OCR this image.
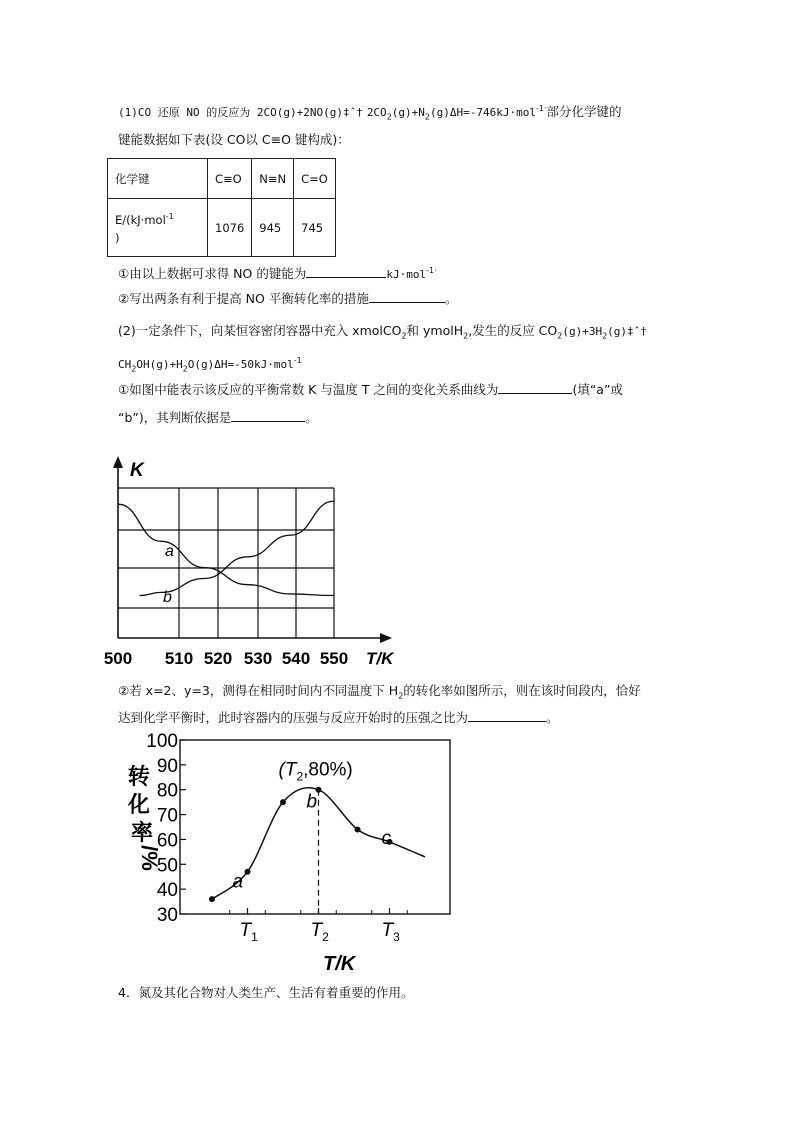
(1)CO 还原 NO 的反应为 2CO(g)+2NO(g)‡ˆ† $2CO_2(g)+N_2(g)\Delta H=-746kJ\cdot mol^{-1\cdot}$部分化学键的
键能数据如下表(设 CO以 C≡O 键构成)：
化学键	C≡O	N≡N	C=O
E/(kJ·mol$^{-1}$
)	1076	945	745
①由以上数据可求得 NO 的键能为	kJ·mol$^{-1\cdot}$
②写出两条有利于提高 NO 平衡转化率的措施	。
(2)一定条件下，向某恒容密闭容器中充入 xmolCO$_2$和 ymolH$_2$,发生的反应 $CO_2(g)+3H_2(g)\ddagger ˆ\dagger$
$CH_2OH(g)+H_2O(g)\Delta H=-50kJ\cdot mol^{-1}$
①如图中能表示该反应的平衡常数 K 与温度 T 之间的变化关系曲线为	(填“a”或
“b”)，其判断依据是	。
K
a
b
500 510 520 530 540 550 T/K
②若 x=2、y=3，测得在相同时间内不同温度下 $H_2$的转化率如图所示，则在该时间段内，恰好
达到化学平衡时，此时容器内的压强与反应开始时的压强之比为	。
转 化 率
/%
30
40
50
60
70
80
90
100
$T_1$	$T_2$	$T_3$
a
b
c
$(T_2,80\%)$
T/K
4．氮及其化合物对人类生产、生活有着重要的作用。
